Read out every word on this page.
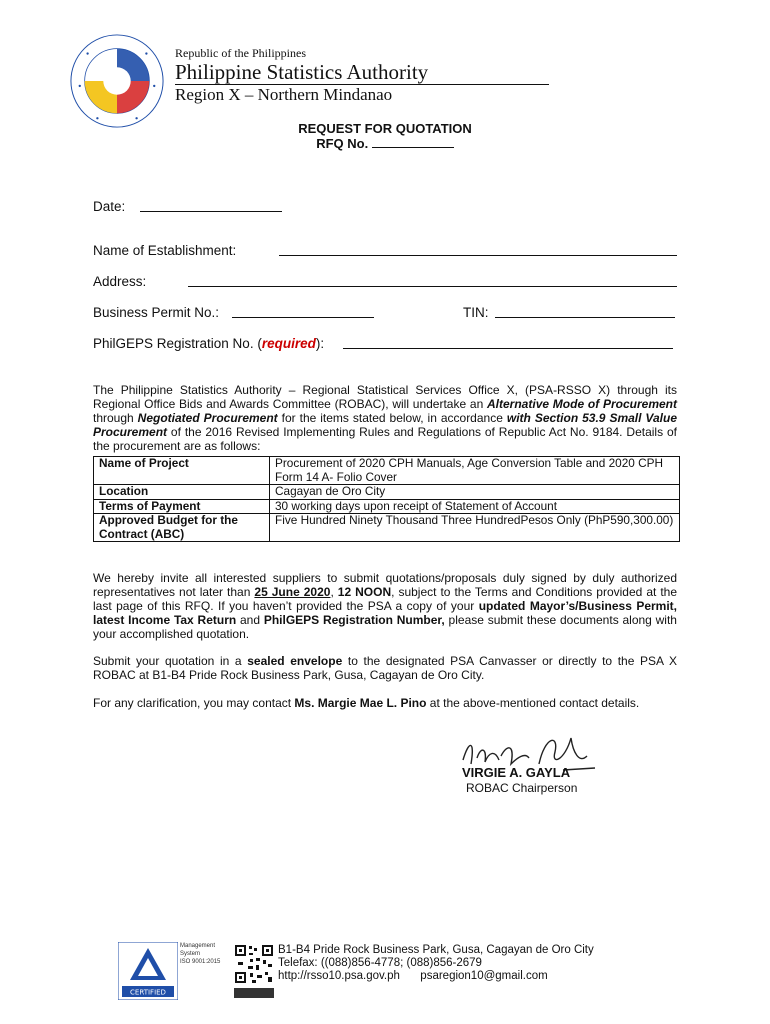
Republic of the Philippines
Philippine Statistics Authority
Region X – Northern Mindanao
REQUEST FOR QUOTATION
RFQ No.
Date:
Name of Establishment:
Address:
Business Permit No.:	TIN:
PhilGEPS Registration No. (required):
The Philippine Statistics Authority – Regional Statistical Services Office X, (PSA-RSSO X) through its Regional Office Bids and Awards Committee (ROBAC), will undertake an Alternative Mode of Procurement through Negotiated Procurement for the items stated below, in accordance with Section 53.9 Small Value Procurement of the 2016 Revised Implementing Rules and Regulations of Republic Act No. 9184. Details of the procurement are as follows:
Name of Project	Procurement of 2020 CPH Manuals, Age Conversion Table and 2020 CPH Form 14 A- Folio Cover
Location	Cagayan de Oro City
Terms of Payment	30 working days upon receipt of Statement of Account
Approved Budget for the Contract (ABC)	Five Hundred Ninety Thousand Three HundredPesos Only (PhP590,300.00)
We hereby invite all interested suppliers to submit quotations/proposals duly signed by duly authorized representatives not later than 25 June 2020, 12 NOON, subject to the Terms and Conditions provided at the last page of this RFQ. If you haven’t provided the PSA a copy of your updated Mayor’s/Business Permit, latest Income Tax Return and PhilGEPS Registration Number, please submit these documents along with your accomplished quotation.
Submit your quotation in a sealed envelope to the designated PSA Canvasser or directly to the PSA X ROBAC at B1-B4 Pride Rock Business Park, Gusa, Cagayan de Oro City.
For any clarification, you may contact Ms. Margie Mae L. Pino at the above-mentioned contact details.
VIRGIE A. GAYLA
ROBAC Chairperson
CERTIFIED
Management
System
ISO 9001:2015
B1-B4 Pride Rock Business Park, Gusa, Cagayan de Oro City
Telefax: ((088)856-4778; (088)856-2679
http://rsso10.psa.gov.ph psaregion10@gmail.com
